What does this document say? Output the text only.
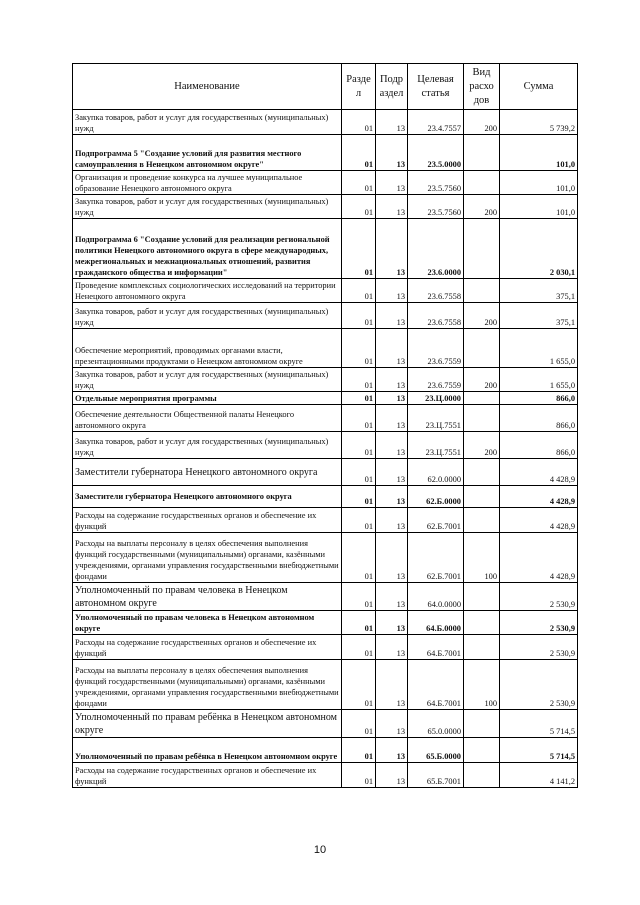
Наименование	Разде л	Подр аздел	Целевая статья	Вид расхо дов	Сумма
Закупка товаров, работ и услуг для государственных (муниципальных) нужд	01	13	23.4.7557	200	5 739,2
Подпрограмма 5 "Создание условий для развития местного самоуправления в Ненецком автономном округе"	01	13	23.5.0000		101,0
Организация и проведение конкурса на лучшее муниципальное образование Ненецкого автономного округа	01	13	23.5.7560		101,0
Закупка товаров, работ и услуг для государственных (муниципальных) нужд	01	13	23.5.7560	200	101,0
Подпрограмма 6 "Создание условий для реализации региональной политики Ненецкого автономного округа в сфере международных, межрегиональных и межнациональных отношений, развития гражданского общества и информации"	01	13	23.6.0000		2 030,1
Проведение комплексных социологических исследований на территории Ненецкого автономного округа	01	13	23.6.7558		375,1
Закупка товаров, работ и услуг для государственных (муниципальных) нужд	01	13	23.6.7558	200	375,1
Обеспечение мероприятий, проводимых органами власти, презентационными продуктами о Ненецком автономном округе	01	13	23.6.7559		1 655,0
Закупка товаров, работ и услуг для государственных (муниципальных) нужд	01	13	23.6.7559	200	1 655,0
Отдельные мероприятия программы	01	13	23.Ц.0000		866,0
Обеспечение деятельности Общественной палаты Ненецкого автономного округа	01	13	23.Ц.7551		866,0
Закупка товаров, работ и услуг для государственных (муниципальных) нужд	01	13	23.Ц.7551	200	866,0
Заместители губернатора Ненецкого автономного округа	01	13	62.0.0000		4 428,9
Заместители губернатора Ненецкого автономного округа	01	13	62.Б.0000		4 428,9
Расходы на содержание государственных органов и обеспечение их функций	01	13	62.Б.7001		4 428,9
Расходы на выплаты персоналу в целях обеспечения выполнения функций государственными (муниципальными) органами, казёнными учреждениями, органами управления государственными внебюджетными фондами	01	13	62.Б.7001	100	4 428,9
Уполномоченный по правам человека в Ненецком автономном округе	01	13	64.0.0000		2 530,9
Уполномоченный по правам человека в Ненецком автономном округе	01	13	64.Б.0000		2 530,9
Расходы на содержание государственных органов и обеспечение их функций	01	13	64.Б.7001		2 530,9
Расходы на выплаты персоналу в целях обеспечения выполнения функций государственными (муниципальными) органами, казёнными учреждениями, органами управления государственными внебюджетными фондами	01	13	64.Б.7001	100	2 530,9
Уполномоченный по правам ребёнка в Ненецком автономном округе	01	13	65.0.0000		5 714,5
Уполномоченный по правам ребёнка в Ненецком автономном округе	01	13	65.Б.0000		5 714,5
Расходы на содержание государственных органов и обеспечение их функций	01	13	65.Б.7001		4 141,2
10
